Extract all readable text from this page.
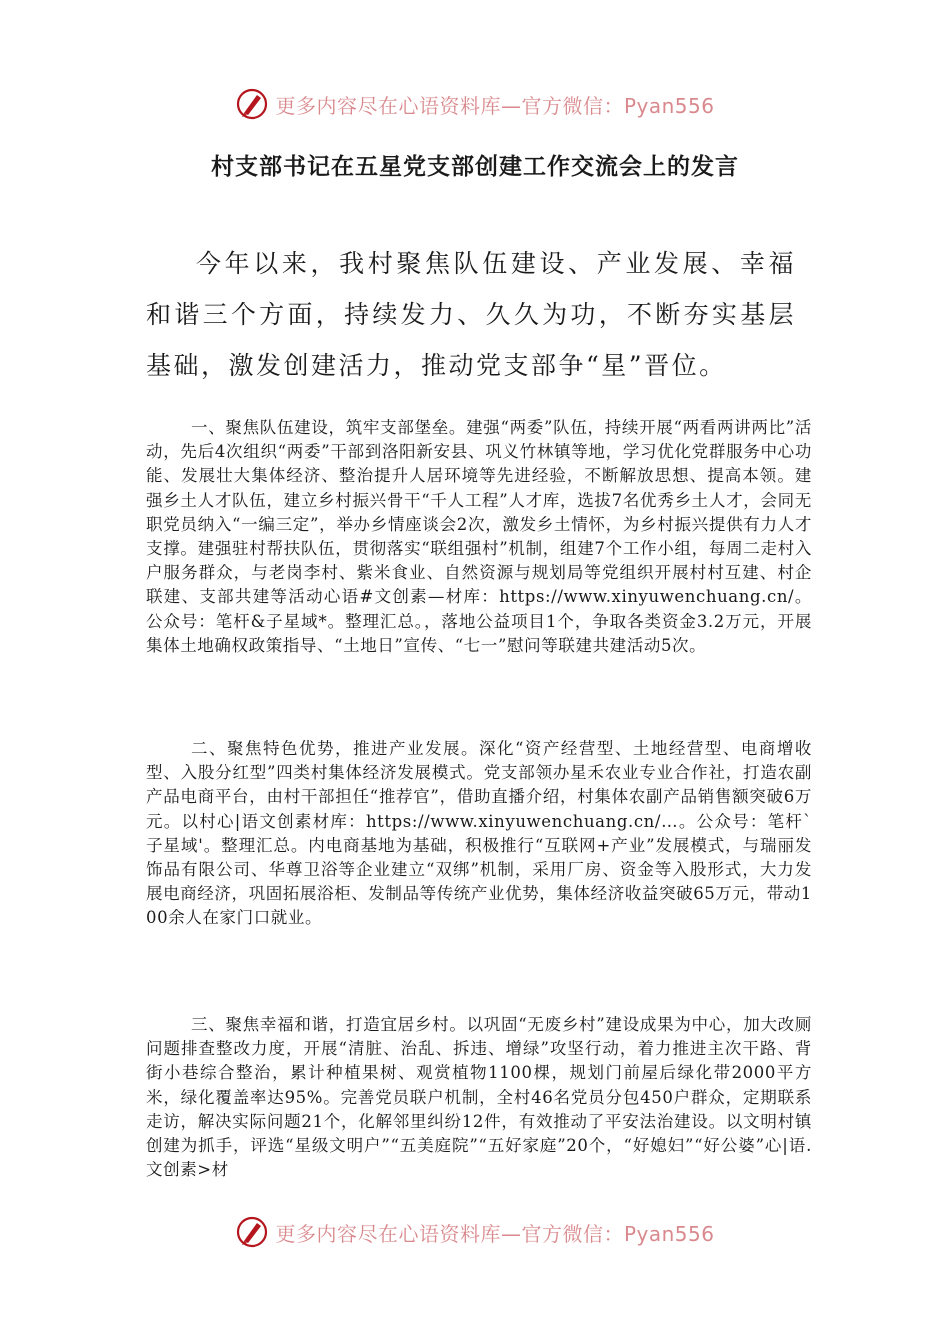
更多内容尽在心语资料库—官方微信：Pyan556
村支部书记在五星党支部创建工作交流会上的发言

今年以来，我村聚焦队伍建设、产业发展、幸福和谐三个方面，持续发力、久久为功，不断夯实基层基础，激发创建活力，推动党支部争“星”晋位。

一、聚焦队伍建设，筑牢支部堡垒。建强“两委”队伍，持续开展“两看两讲两比”活动，先后4次组织“两委”干部到洛阳新安县、巩义竹林镇等地，学习优化党群服务中心功能、发展壮大集体经济、整治提升人居环境等先进经验，不断解放思想、提高本领。建强乡土人才队伍，建立乡村振兴骨干“千人工程”人才库，选拔7名优秀乡土人才，会同无职党员纳入“一编三定”，举办乡情座谈会2次，激发乡土情怀，为乡村振兴提供有力人才支撑。建强驻村帮扶队伍，贯彻落实“联组强村”机制，组建7个工作小组，每周二走村入户服务群众，与老岗李村、紫米食业、自然资源与规划局等党组织开展村村互建、村企联建、支部共建等活动心语#文创素—材库：https://www.xinyuwenchuang.cn/。公众号：笔杆&子星域*。整理汇总。，落地公益项目1个，争取各类资金3.2万元，开展集体土地确权政策指导、“土地日”宣传、“七一”慰问等联建共建活动5次。

二、聚焦特色优势，推进产业发展。深化“资产经营型、土地经营型、电商增收型、入股分红型”四类村集体经济发展模式。党支部领办星禾农业专业合作社，打造农副产品电商平台，由村干部担任“推荐官”，借助直播介绍，村集体农副产品销售额突破6万元。以村心|语文创素材库：https://www.xinyuwenchuang.cn/…。公众号：笔杆`子星域'。整理汇总。内电商基地为基础，积极推行“互联网+产业”发展模式，与瑞丽发饰品有限公司、华尊卫浴等企业建立“双绑”机制，采用厂房、资金等入股形式，大力发展电商经济，巩固拓展浴柜、发制品等传统产业优势，集体经济收益突破65万元，带动100余人在家门口就业。

三、聚焦幸福和谐，打造宜居乡村。以巩固“无废乡村”建设成果为中心，加大改厕问题排查整改力度，开展“清脏、治乱、拆违、增绿”攻坚行动，着力推进主次干路、背街小巷综合整治，累计种植果树、观赏植物1100棵，规划门前屋后绿化带2000平方米，绿化覆盖率达95%。完善党员联户机制，全村46名党员分包450户群众，定期联系走访，解决实际问题21个，化解邻里纠纷12件，有效推动了平安法治建设。以文明村镇创建为抓手，评选“星级文明户”“五美庭院”“五好家庭”20个，“好媳妇”“好公婆”心|语.文创素>材

更多内容尽在心语资料库—官方微信：Pyan556
